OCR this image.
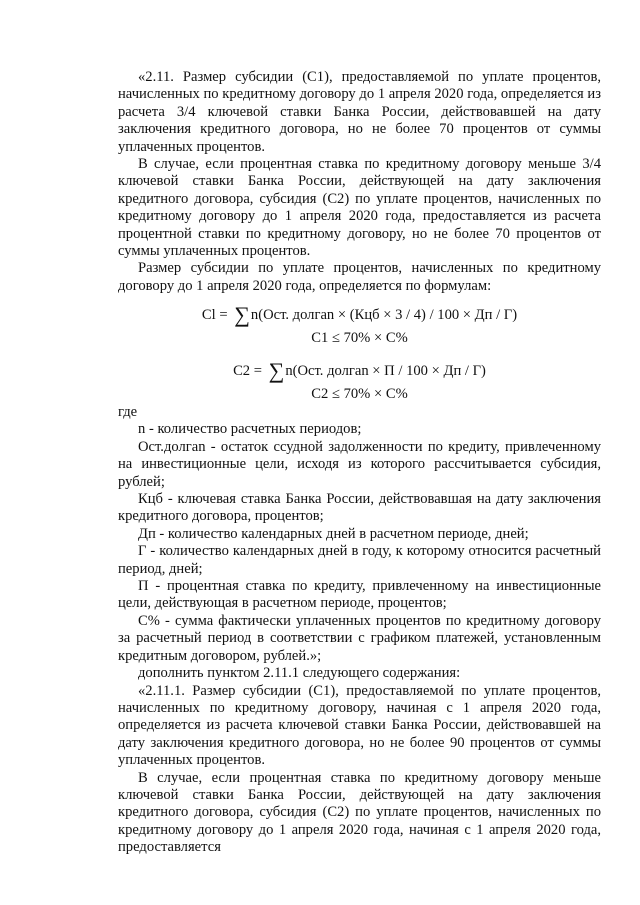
«2.11. Размер субсидии (С1), предоставляемой по уплате процентов, начисленных по кредитному договору до 1 апреля 2020 года, определяется из расчета 3/4 ключевой ставки Банка России, действовавшей на дату заключения кредитного договора, но не более 70 процентов от суммы уплаченных процентов.

В случае, если процентная ставка по кредитному договору меньше 3/4 ключевой ставки Банка России, действующей на дату заключения кредитного договора, субсидия (С2) по уплате процентов, начисленных по кредитному договору до 1 апреля 2020 года, предоставляется из расчета процентной ставки по кредитному договору, но не более 70 процентов от суммы уплаченных процентов.

Размер субсидии по уплате процентов, начисленных по кредитному договору до 1 апреля 2020 года, определяется по формулам:

Cl = ∑n(Ост. долгаn × (Кцб × 3 / 4) / 100 × Дп / Г)
С1 ≤ 70% × С%
С2 = ∑n(Ост. долгаn × П / 100 × Дп / Г)
С2 ≤ 70% × С%

где

n - количество расчетных периодов;

Ост.долгаn - остаток ссудной задолженности по кредиту, привлеченному на инвестиционные цели, исходя из которого рассчитывается субсидия, рублей;

Кцб - ключевая ставка Банка России, действовавшая на дату заключения кредитного договора, процентов;

Дп - количество календарных дней в расчетном периоде, дней;

Г - количество календарных дней в году, к которому относится расчетный период, дней;

П - процентная ставка по кредиту, привлеченному на инвестиционные цели, действующая в расчетном периоде, процентов;

С% - сумма фактически уплаченных процентов по кредитному договору за расчетный период в соответствии с графиком платежей, установленным кредитным договором, рублей.»;

дополнить пунктом 2.11.1 следующего содержания:

«2.11.1. Размер субсидии (С1), предоставляемой по уплате процентов, начисленных по кредитному договору, начиная с 1 апреля 2020 года, определяется из расчета ключевой ставки Банка России, действовавшей на дату заключения кредитного договора, но не более 90 процентов от суммы уплаченных процентов.

В случае, если процентная ставка по кредитному договору меньше ключевой ставки Банка России, действующей на дату заключения кредитного договора, субсидия (С2) по уплате процентов, начисленных по кредитному договору до 1 апреля 2020 года, начиная с 1 апреля 2020 года, предоставляется
